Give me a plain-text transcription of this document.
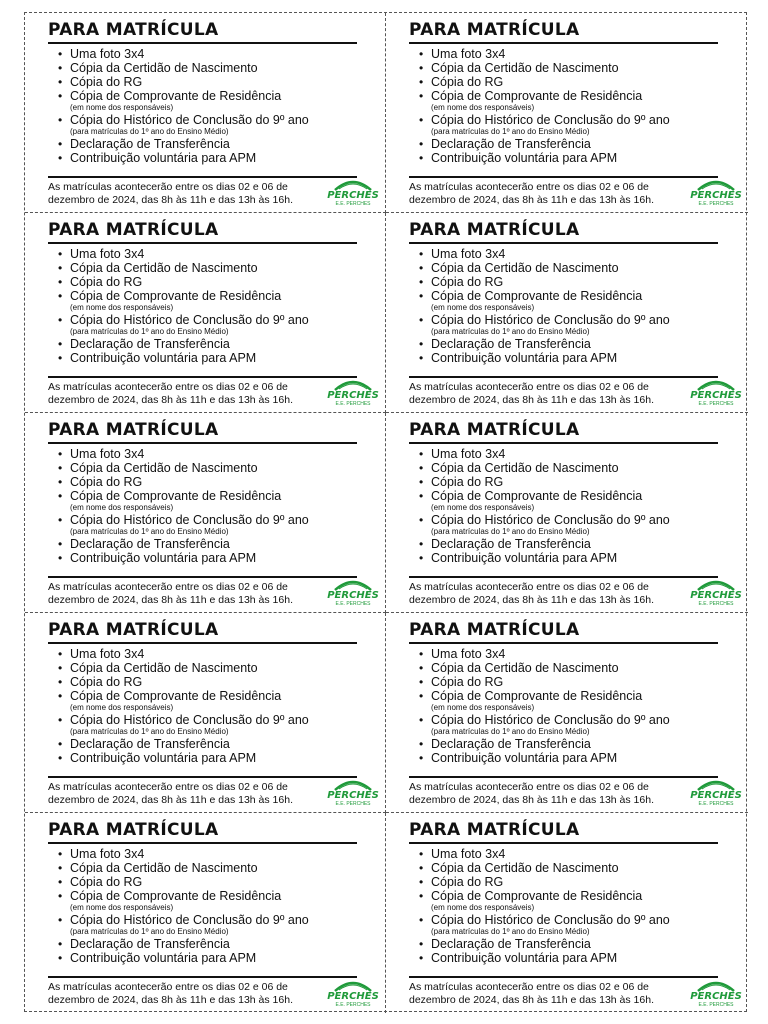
PARA MATRÍCULA
• Uma foto 3x4
• Cópia da Certidão de Nascimento
• Cópia do RG
• Cópia de Comprovante de Residência
(em nome dos responsáveis)
• Cópia do Histórico de Conclusão do 9º ano
(para matrículas do 1º ano do Ensino Médio)
• Declaração de Transferência
• Contribuição voluntária para APM
As matrículas acontecerão entre os dias 02 e 06 de dezembro de 2024, das 8h às 11h e das 13h às 16h.	PERCHES
E.E. PERCHES
PARA MATRÍCULA
• Uma foto 3x4
• Cópia da Certidão de Nascimento
• Cópia do RG
• Cópia de Comprovante de Residência
(em nome dos responsáveis)
• Cópia do Histórico de Conclusão do 9º ano
(para matrículas do 1º ano do Ensino Médio)
• Declaração de Transferência
• Contribuição voluntária para APM
As matrículas acontecerão entre os dias 02 e 06 de dezembro de 2024, das 8h às 11h e das 13h às 16h.	PERCHES
E.E. PERCHES
PARA MATRÍCULA
• Uma foto 3x4
• Cópia da Certidão de Nascimento
• Cópia do RG
• Cópia de Comprovante de Residência
(em nome dos responsáveis)
• Cópia do Histórico de Conclusão do 9º ano
(para matrículas do 1º ano do Ensino Médio)
• Declaração de Transferência
• Contribuição voluntária para APM
As matrículas acontecerão entre os dias 02 e 06 de dezembro de 2024, das 8h às 11h e das 13h às 16h.	PERCHES
E.E. PERCHES
PARA MATRÍCULA
• Uma foto 3x4
• Cópia da Certidão de Nascimento
• Cópia do RG
• Cópia de Comprovante de Residência
(em nome dos responsáveis)
• Cópia do Histórico de Conclusão do 9º ano
(para matrículas do 1º ano do Ensino Médio)
• Declaração de Transferência
• Contribuição voluntária para APM
As matrículas acontecerão entre os dias 02 e 06 de dezembro de 2024, das 8h às 11h e das 13h às 16h.	PERCHES
E.E. PERCHES
PARA MATRÍCULA
• Uma foto 3x4
• Cópia da Certidão de Nascimento
• Cópia do RG
• Cópia de Comprovante de Residência
(em nome dos responsáveis)
• Cópia do Histórico de Conclusão do 9º ano
(para matrículas do 1º ano do Ensino Médio)
• Declaração de Transferência
• Contribuição voluntária para APM
As matrículas acontecerão entre os dias 02 e 06 de dezembro de 2024, das 8h às 11h e das 13h às 16h.	PERCHES
E.E. PERCHES
PARA MATRÍCULA
• Uma foto 3x4
• Cópia da Certidão de Nascimento
• Cópia do RG
• Cópia de Comprovante de Residência
(em nome dos responsáveis)
• Cópia do Histórico de Conclusão do 9º ano
(para matrículas do 1º ano do Ensino Médio)
• Declaração de Transferência
• Contribuição voluntária para APM
As matrículas acontecerão entre os dias 02 e 06 de dezembro de 2024, das 8h às 11h e das 13h às 16h.	PERCHES
E.E. PERCHES
PARA MATRÍCULA
• Uma foto 3x4
• Cópia da Certidão de Nascimento
• Cópia do RG
• Cópia de Comprovante de Residência
(em nome dos responsáveis)
• Cópia do Histórico de Conclusão do 9º ano
(para matrículas do 1º ano do Ensino Médio)
• Declaração de Transferência
• Contribuição voluntária para APM
As matrículas acontecerão entre os dias 02 e 06 de dezembro de 2024, das 8h às 11h e das 13h às 16h.	PERCHES
E.E. PERCHES
PARA MATRÍCULA
• Uma foto 3x4
• Cópia da Certidão de Nascimento
• Cópia do RG
• Cópia de Comprovante de Residência
(em nome dos responsáveis)
• Cópia do Histórico de Conclusão do 9º ano
(para matrículas do 1º ano do Ensino Médio)
• Declaração de Transferência
• Contribuição voluntária para APM
As matrículas acontecerão entre os dias 02 e 06 de dezembro de 2024, das 8h às 11h e das 13h às 16h.	PERCHES
E.E. PERCHES
PARA MATRÍCULA
• Uma foto 3x4
• Cópia da Certidão de Nascimento
• Cópia do RG
• Cópia de Comprovante de Residência
(em nome dos responsáveis)
• Cópia do Histórico de Conclusão do 9º ano
(para matrículas do 1º ano do Ensino Médio)
• Declaração de Transferência
• Contribuição voluntária para APM
As matrículas acontecerão entre os dias 02 e 06 de dezembro de 2024, das 8h às 11h e das 13h às 16h.	PERCHES
E.E. PERCHES
PARA MATRÍCULA
• Uma foto 3x4
• Cópia da Certidão de Nascimento
• Cópia do RG
• Cópia de Comprovante de Residência
(em nome dos responsáveis)
• Cópia do Histórico de Conclusão do 9º ano
(para matrículas do 1º ano do Ensino Médio)
• Declaração de Transferência
• Contribuição voluntária para APM
As matrículas acontecerão entre os dias 02 e 06 de dezembro de 2024, das 8h às 11h e das 13h às 16h.	PERCHES
E.E. PERCHES
